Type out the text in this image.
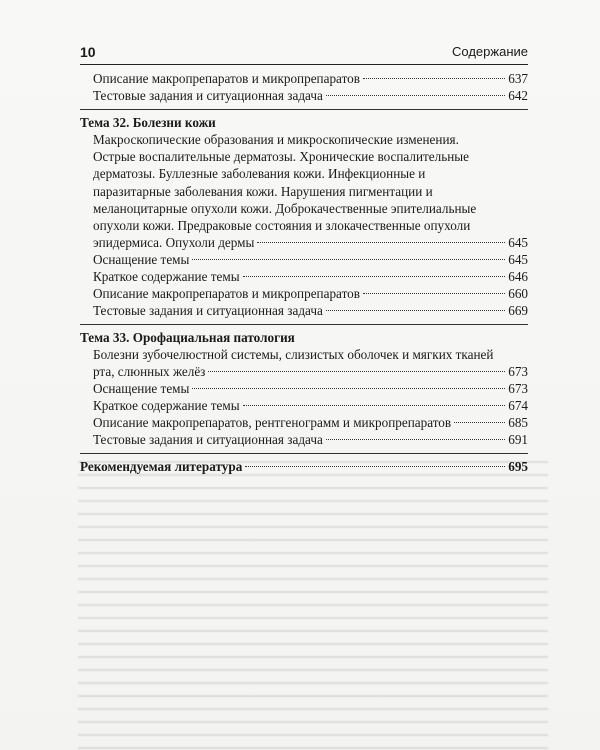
10	Содержание
Описание макропрепаратов и микропрепаратов	637
Тестовые задания и ситуационная задача	642
Тема 32. Болезни кожи
Макроскопические образования и микроскопические изменения.
Острые воспалительные дерматозы. Хронические воспалительные
дерматозы. Буллезные заболевания кожи. Инфекционные и
паразитарные заболевания кожи. Нарушения пигментации и
меланоцитарные опухоли кожи. Доброкачественные эпителиальные
опухоли кожи. Предраковые состояния и злокачественные опухоли
эпидермиса. Опухоли дермы	645
Оснащение темы	645
Краткое содержание темы	646
Описание макропрепаратов и микропрепаратов	660
Тестовые задания и ситуационная задача	669
Тема 33. Орофациальная патология
Болезни зубочелюстной системы, слизистых оболочек и мягких тканей
рта, слюнных желёз	673
Оснащение темы	673
Краткое содержание темы	674
Описание макропрепаратов, рентгенограмм и микропрепаратов	685
Тестовые задания и ситуационная задача	691
Рекомендуемая литература	695
